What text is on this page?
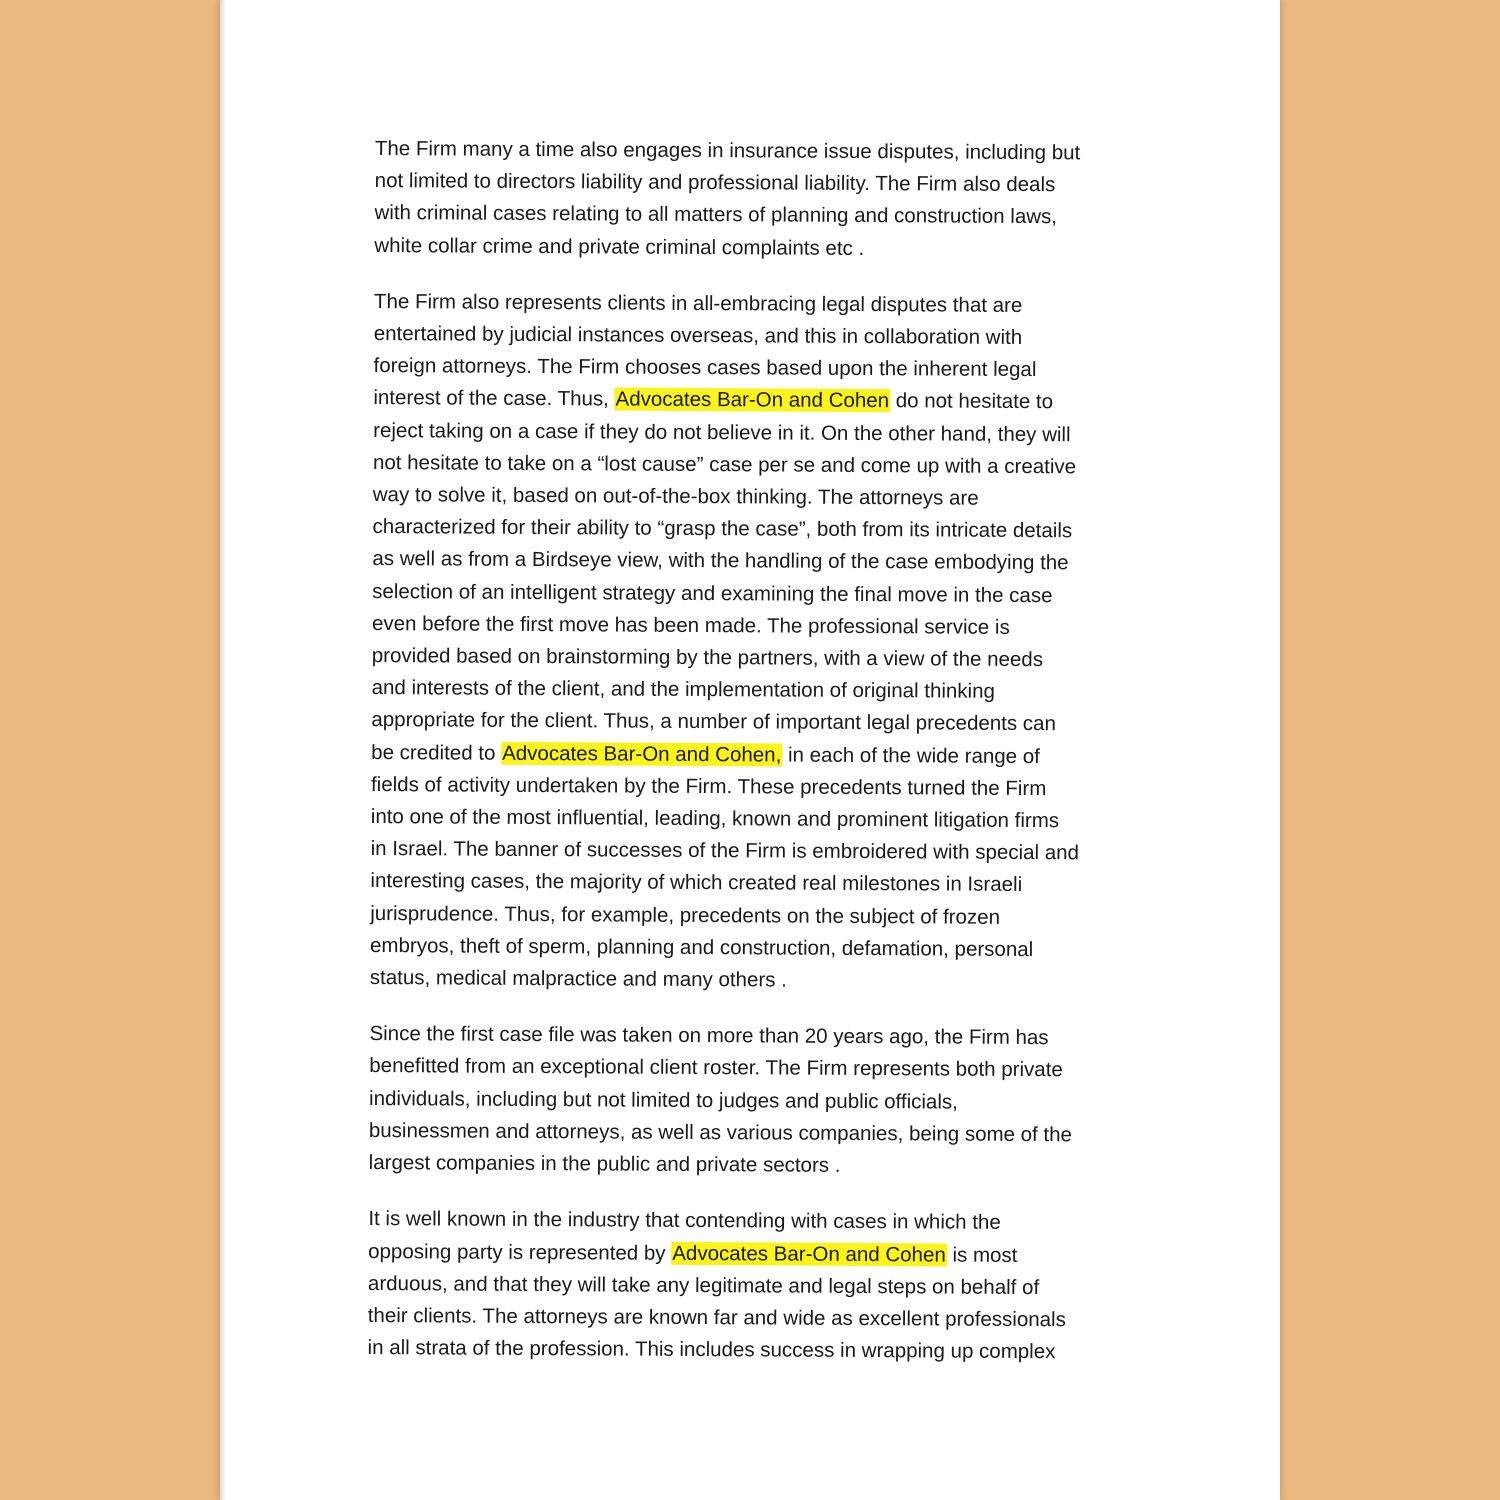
The Firm many a time also engages in insurance issue disputes, including but
not limited to directors liability and professional liability. The Firm also deals
with criminal cases relating to all matters of planning and construction laws,
white collar crime and private criminal complaints etc .

The Firm also represents clients in all-embracing legal disputes that are
entertained by judicial instances overseas, and this in collaboration with
foreign attorneys. The Firm chooses cases based upon the inherent legal
interest of the case. Thus, Advocates Bar-On and Cohen do not hesitate to
reject taking on a case if they do not believe in it. On the other hand, they will
not hesitate to take on a “lost cause” case per se and come up with a creative
way to solve it, based on out-of-the-box thinking. The attorneys are
characterized for their ability to “grasp the case”, both from its intricate details
as well as from a Birdseye view, with the handling of the case embodying the
selection of an intelligent strategy and examining the final move in the case
even before the first move has been made. The professional service is
provided based on brainstorming by the partners, with a view of the needs
and interests of the client, and the implementation of original thinking
appropriate for the client. Thus, a number of important legal precedents can
be credited to Advocates Bar-On and Cohen, in each of the wide range of
fields of activity undertaken by the Firm. These precedents turned the Firm
into one of the most influential, leading, known and prominent litigation firms
in Israel. The banner of successes of the Firm is embroidered with special and
interesting cases, the majority of which created real milestones in Israeli
jurisprudence. Thus, for example, precedents on the subject of frozen
embryos, theft of sperm, planning and construction, defamation, personal
status, medical malpractice and many others .

Since the first case file was taken on more than 20 years ago, the Firm has
benefitted from an exceptional client roster. The Firm represents both private
individuals, including but not limited to judges and public officials,
businessmen and attorneys, as well as various companies, being some of the
largest companies in the public and private sectors .

It is well known in the industry that contending with cases in which the
opposing party is represented by Advocates Bar-On and Cohen is most
arduous, and that they will take any legitimate and legal steps on behalf of
their clients. The attorneys are known far and wide as excellent professionals
in all strata of the profession. This includes success in wrapping up complex
